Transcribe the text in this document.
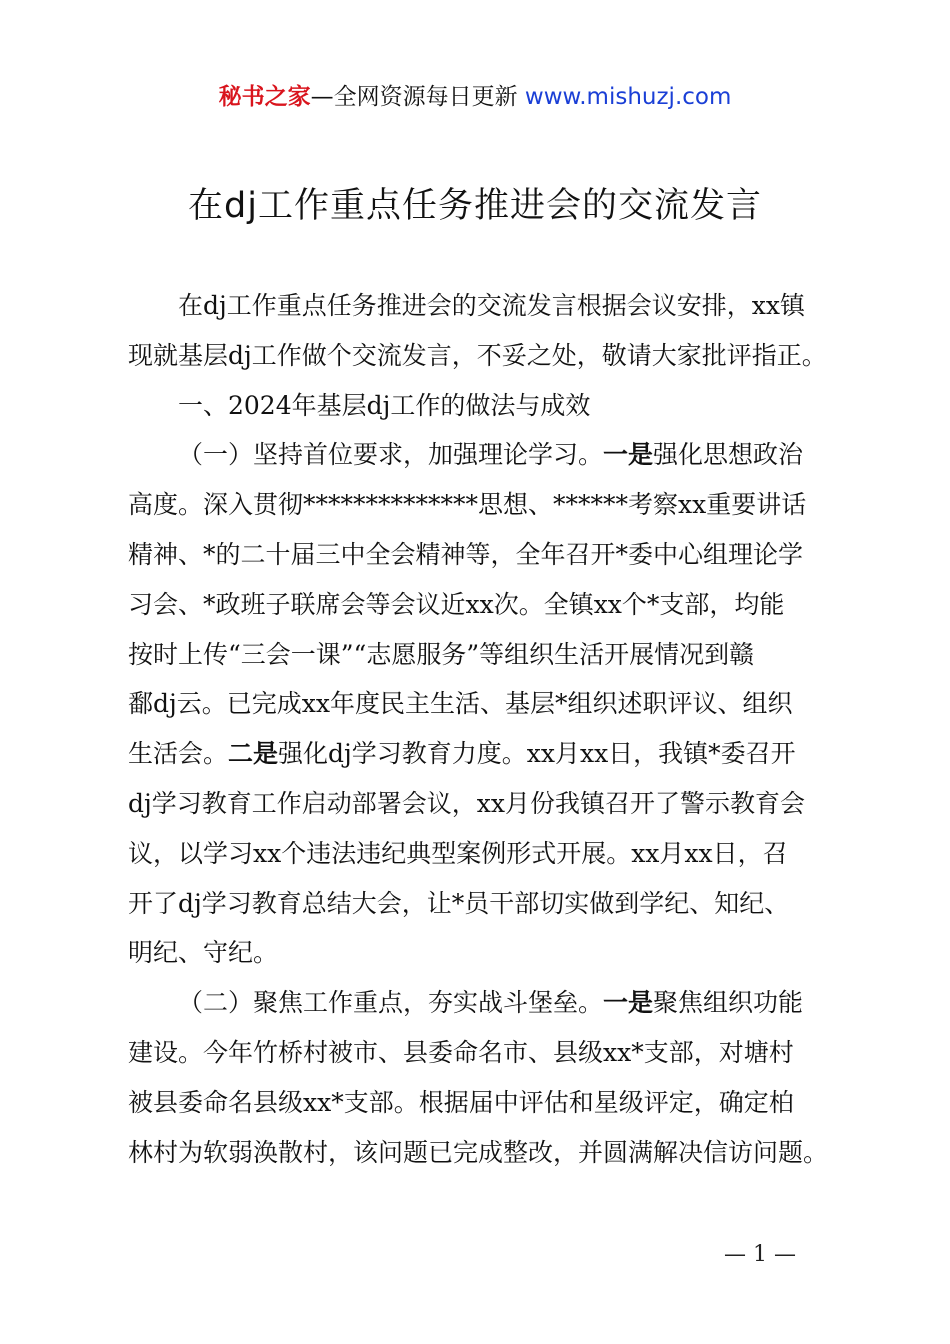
秘书之家—全网资源每日更新 www.mishuzj.com
在dj工作重点任务推进会的交流发言
在dj工作重点任务推进会的交流发言根据会议安排，xx镇
现就基层dj工作做个交流发言，不妥之处，敬请大家批评指正。
一、2024年基层dj工作的做法与成效
（一）坚持首位要求，加强理论学习。一是强化思想政治
高度。深入贯彻**************思想、******考察xx重要讲话
精神、*的二十届三中全会精神等，全年召开*委中心组理论学
习会、*政班子联席会等会议近xx次。全镇xx个*支部，均能
按时上传“三会一课”“志愿服务”等组织生活开展情况到赣
鄱dj云。已完成xx年度民主生活、基层*组织述职评议、组织
生活会。二是强化dj学习教育力度。xx月xx日，我镇*委召开
dj学习教育工作启动部署会议，xx月份我镇召开了警示教育会
议，以学习xx个违法违纪典型案例形式开展。xx月xx日，召
开了dj学习教育总结大会，让*员干部切实做到学纪、知纪、
明纪、守纪。
（二）聚焦工作重点，夯实战斗堡垒。一是聚焦组织功能
建设。今年竹桥村被市、县委命名市、县级xx*支部，对塘村
被县委命名县级xx*支部。根据届中评估和星级评定，确定柏
林村为软弱涣散村，该问题已完成整改，并圆满解决信访问题。
— 1 —
